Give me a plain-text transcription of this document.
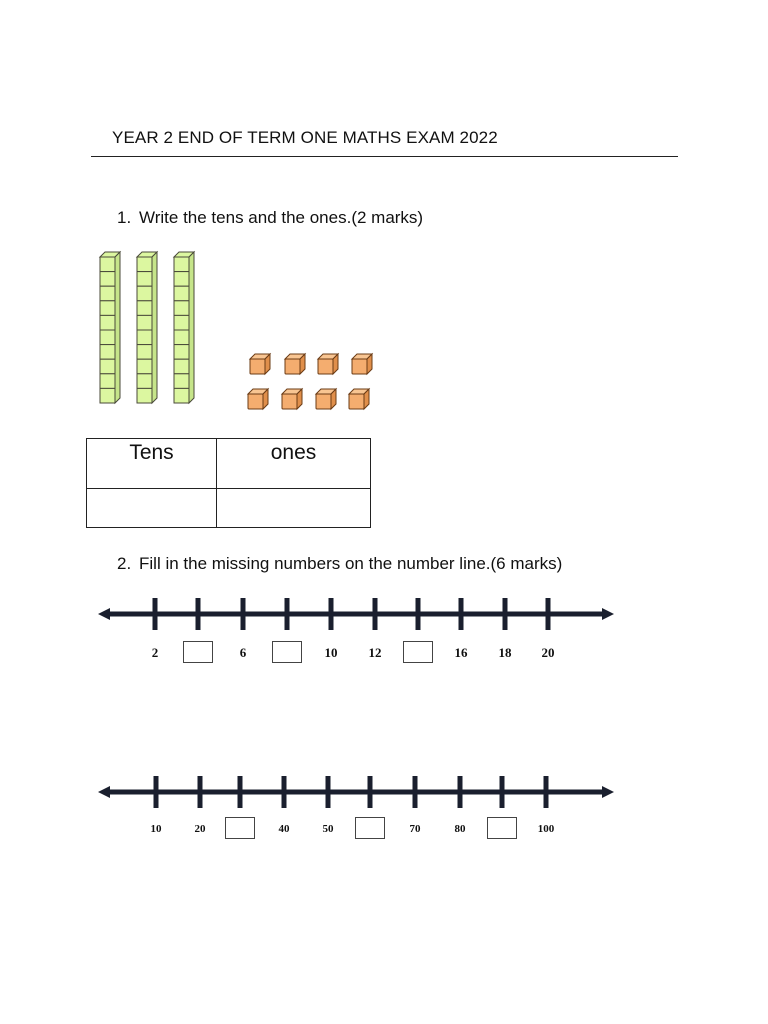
YEAR 2 END OF TERM ONE MATHS EXAM 2022
1. Write the tens and the ones.(2 marks)
Tens	ones

2. Fill in the missing numbers on the number line.(6 marks)
2	6	10 12	16 18 20
10	20	40	50	70	80	100
